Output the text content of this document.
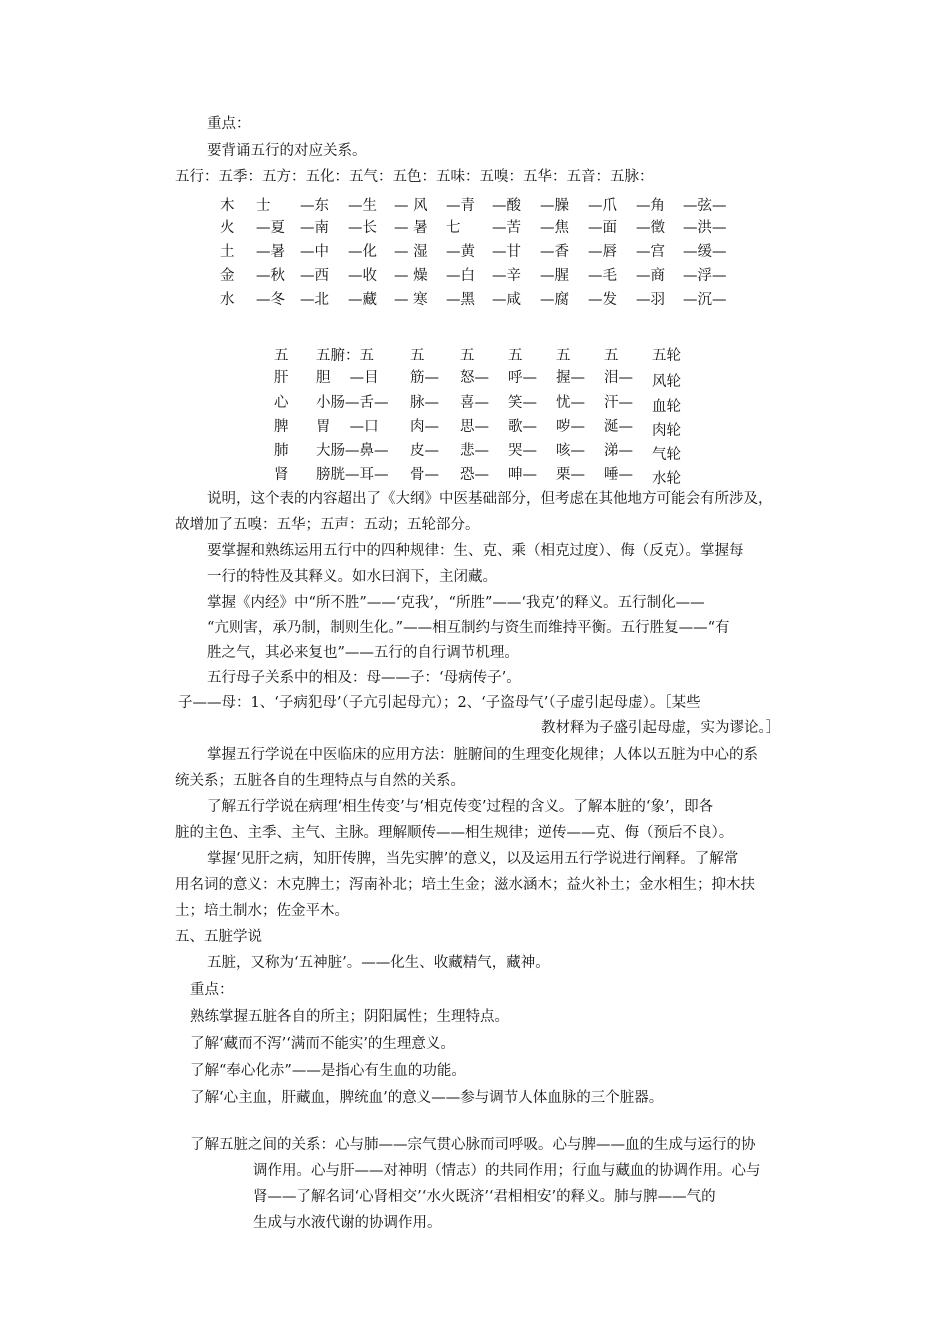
重点：
要背诵五行的对应关系。
五行：五季：五方：五化：五气：五色：五味：五嗅：五华：五音：五脉：
木 士 —东 —生 — 风 —青 —酸 —臊 —爪 —角 —弦—
火 —夏 —南 —长 — 暑 七 —苦 —焦 —面 —徵 —洪—
土 —暑 —中 —化 — 湿 —黄 —甘 —香 —唇 —宫 —缓—
金 —秋 —西 —收 — 燥 —白 —辛 —腥 —毛 —商 —浮—
水 —冬 —北 —藏 — 寒 —黑 —咸 —腐 —发 —羽 —沉—
五 五腑：五 五 五 五 五 五 五轮
肝 胆　 —目 筋— 怒— 呼— 握— 泪— 风轮
心 小肠—舌— 脉— 喜— 笑— 忧— 汗— 血轮
脾 胃　 —口 肉— 思— 歌— 哕— 涎— 肉轮
肺 大肠—鼻— 皮— 悲— 哭— 咳— 涕— 气轮
肾 膀胱—耳— 骨— 恐— 呻— 栗— 唾— 水轮
说明，这个表的内容超出了《大纲》中医基础部分，但考虑在其他地方可能会有所涉及，
故增加了五嗅：五华；五声：五动；五轮部分。
要掌握和熟练运用五行中的四种规律：生、克、乘（相克过度）、侮（反克）。掌握每
一行的特性及其释义。如水曰润下，主闭藏。
掌握《内经》中“所不胜”——‘克我’，“所胜”——‘我克’的释义。五行制化——
“亢则害，承乃制，制则生化。”——相互制约与资生而维持平衡。五行胜复——“有
胜之气，其必来复也”——五行的自行调节机理。
五行母子关系中的相及：母——子：‘母病传子’。
子——母：1、‘子病犯母’（子亢引起母亢）；2、‘子盗母气’（子虚引起母虚）。［某些
教材释为子盛引起母虚，实为谬论。］
掌握五行学说在中医临床的应用方法：脏腑间的生理变化规律；人体以五脏为中心的系
统关系；五脏各自的生理特点与自然的关系。
了解五行学说在病理‘相生传变’与‘相克传变’过程的含义。了解本脏的‘象’，即各
脏的主色、主季、主气、主脉。理解顺传——相生规律；逆传——克、侮（预后不良）。
掌握‘见肝之病，知肝传脾，当先实脾’的意义，以及运用五行学说进行阐释。了解常
用名词的意义：木克脾土；泻南补北；培土生金；滋水涵木；益火补土；金水相生；抑木扶
土；培土制水；佐金平木。
五、五脏学说
五脏，又称为‘五神脏’。——化生、收藏精气，藏神。
重点：
熟练掌握五脏各自的所主；阴阳属性；生理特点。
了解‘藏而不泻’‘满而不能实’的生理意义。
了解“奉心化赤”——是指心有生血的功能。
了解‘心主血，肝藏血，脾统血’的意义——参与调节人体血脉的三个脏器。
了解五脏之间的关系：心与肺——宗气贯心脉而司呼吸。心与脾——血的生成与运行的协
调作用。心与肝——对神明（情志）的共同作用；行血与藏血的协调作用。心与
肾——了解名词‘心肾相交’‘水火既济’‘君相相安’的释义。肺与脾——气的
生成与水液代谢的协调作用。
